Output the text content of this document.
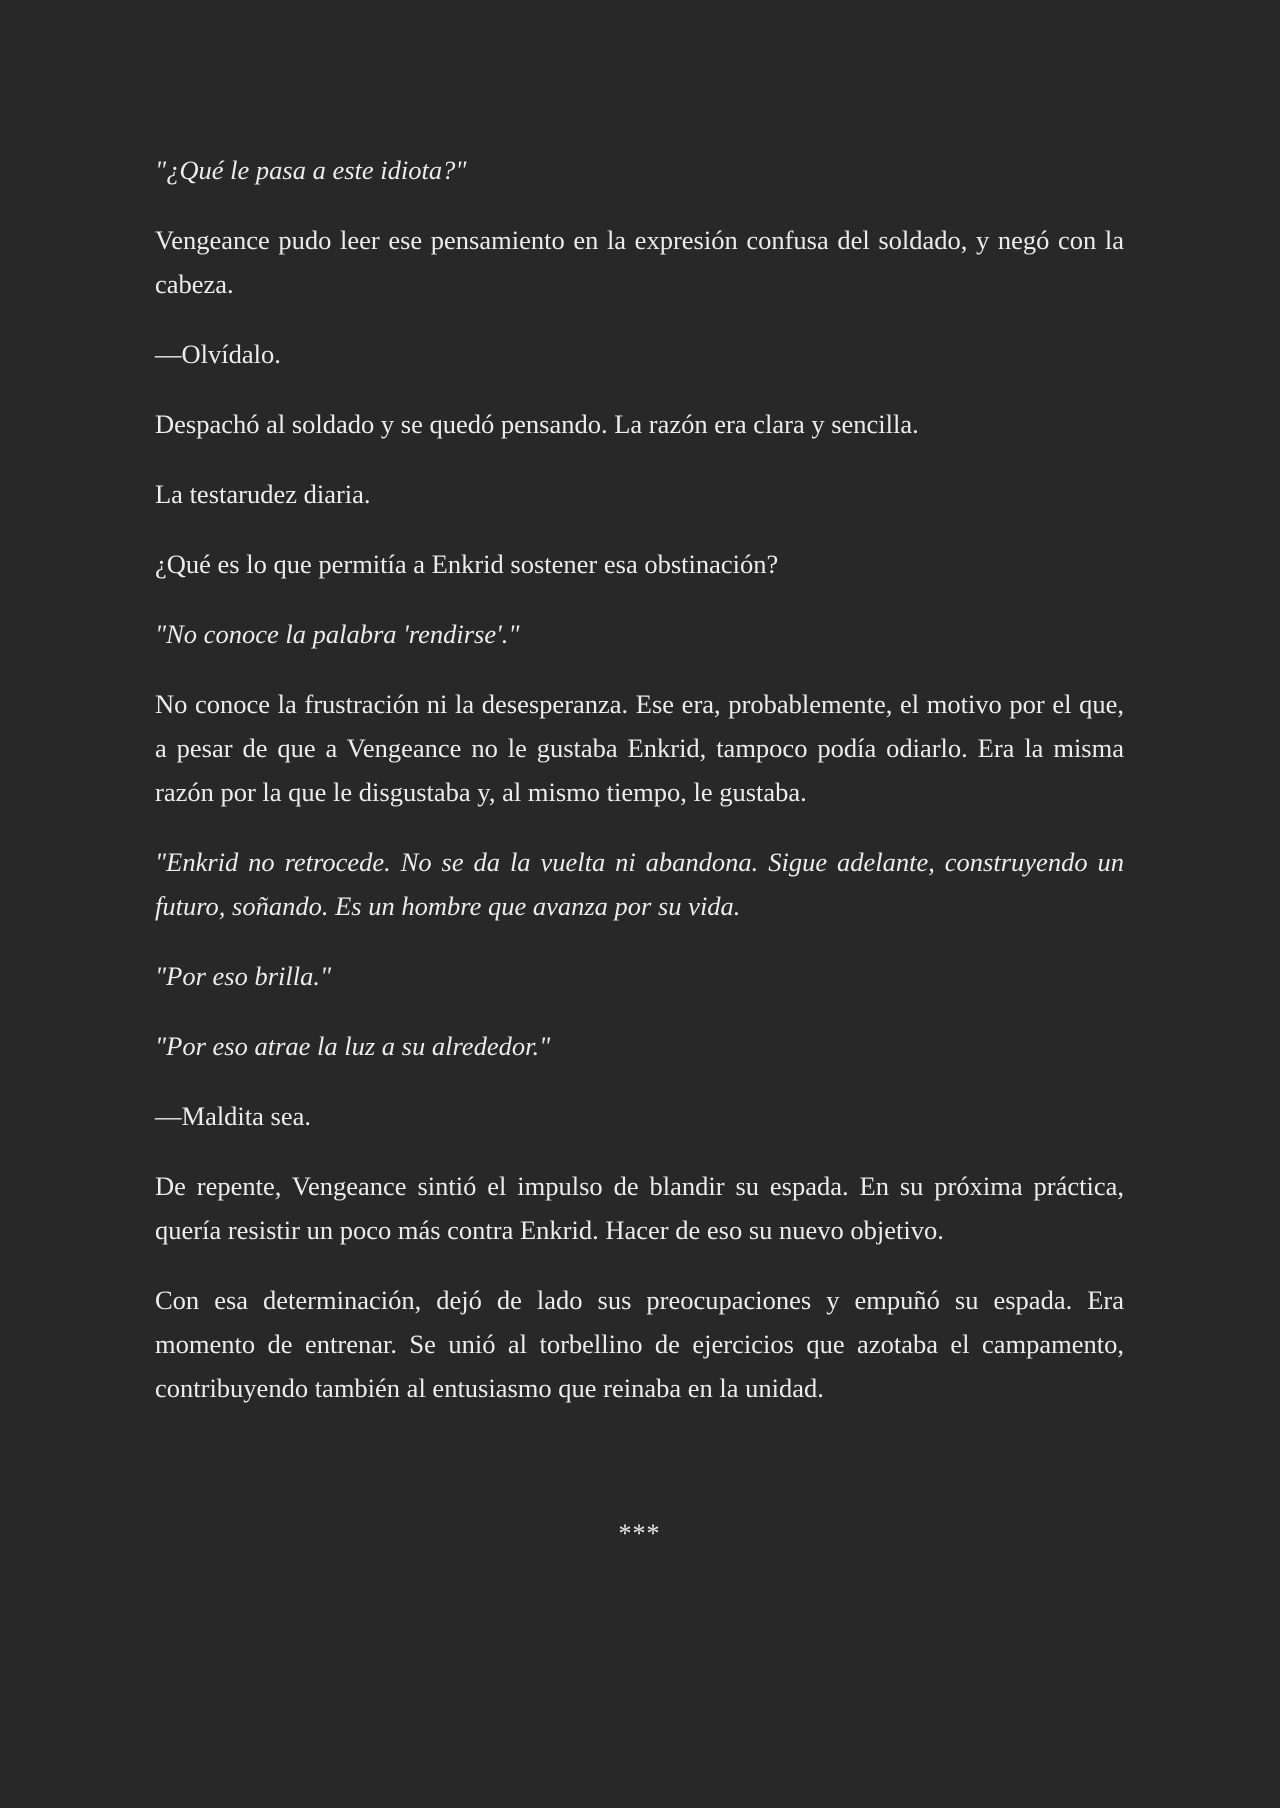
"¿Qué le pasa a este idiota?"

Vengeance pudo leer ese pensamiento en la expresión confusa del soldado, y negó con la cabeza.

—Olvídalo.

Despachó al soldado y se quedó pensando. La razón era clara y sencilla.

La testarudez diaria.

¿Qué es lo que permitía a Enkrid sostener esa obstinación?

"No conoce la palabra 'rendirse'."

No conoce la frustración ni la desesperanza. Ese era, probablemente, el motivo por el que, a pesar de que a Vengeance no le gustaba Enkrid, tampoco podía odiarlo. Era la misma razón por la que le disgustaba y, al mismo tiempo, le gustaba.

"Enkrid no retrocede. No se da la vuelta ni abandona. Sigue adelante, construyendo un futuro, soñando. Es un hombre que avanza por su vida.

"Por eso brilla."

"Por eso atrae la luz a su alrededor."

—Maldita sea.

De repente, Vengeance sintió el impulso de blandir su espada. En su próxima práctica, quería resistir un poco más contra Enkrid. Hacer de eso su nuevo objetivo.

Con esa determinación, dejó de lado sus preocupaciones y empuñó su espada. Era momento de entrenar. Se unió al torbellino de ejercicios que azotaba el campamento, contribuyendo también al entusiasmo que reinaba en la unidad.

***
